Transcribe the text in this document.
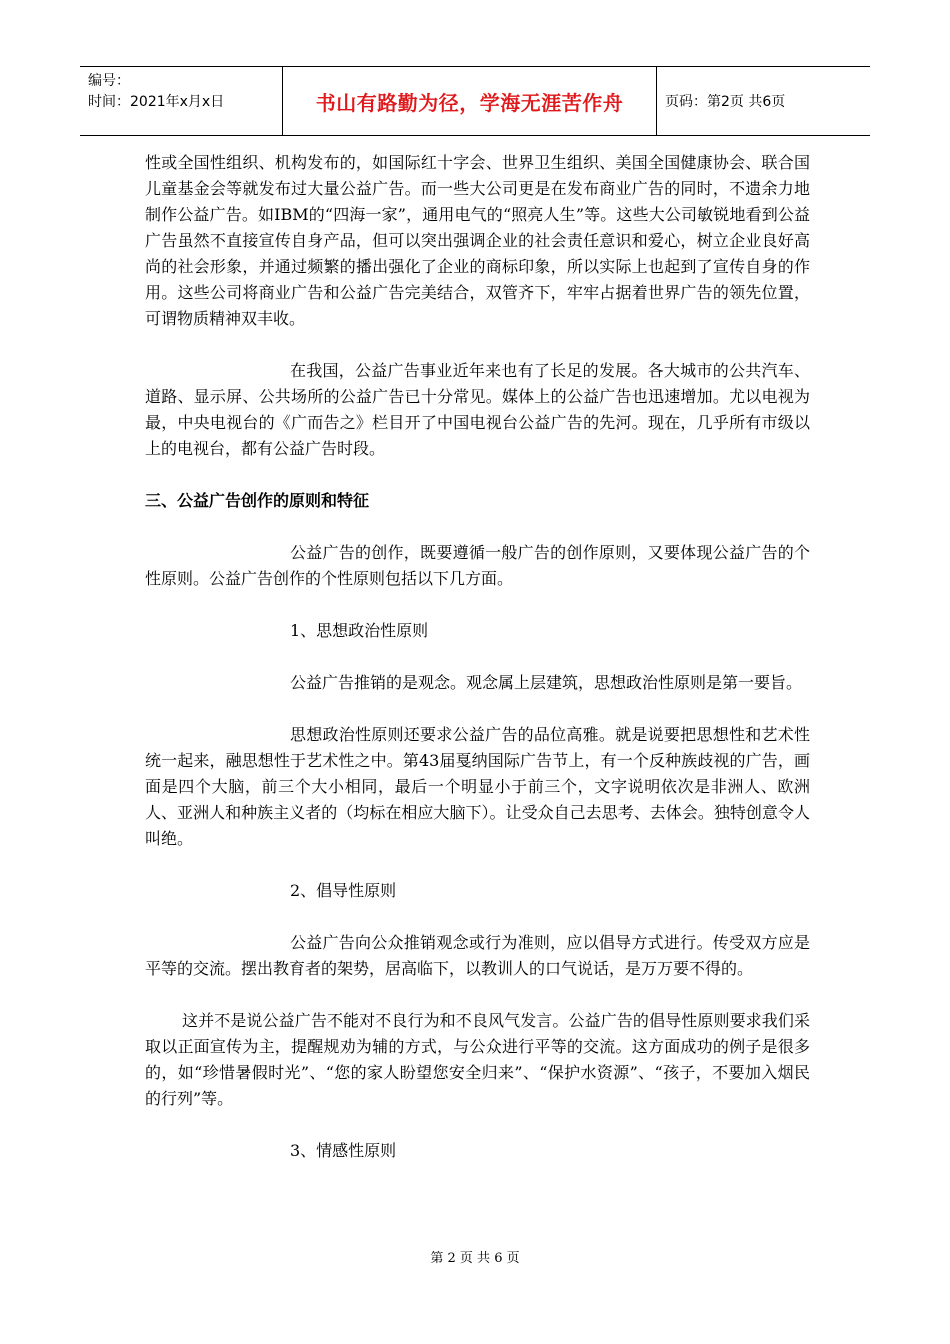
编号：
时间：2021年x月x日	书山有路勤为径，学海无涯苦作舟	页码：第2页 共6页

性或全国性组织、机构发布的，如国际红十字会、世界卫生组织、美国全国健康协会、联合国儿童基金会等就发布过大量公益广告。而一些大公司更是在发布商业广告的同时，不遗余力地制作公益广告。如IBM的“四海一家”，通用电气的“照亮人生”等。这些大公司敏锐地看到公益广告虽然不直接宣传自身产品，但可以突出强调企业的社会责任意识和爱心，树立企业良好高尚的社会形象，并通过频繁的播出强化了企业的商标印象，所以实际上也起到了宣传自身的作用。这些公司将商业广告和公益广告完美结合，双管齐下，牢牢占据着世界广告的领先位置，可谓物质精神双丰收。

在我国，公益广告事业近年来也有了长足的发展。各大城市的公共汽车、道路、显示屏、公共场所的公益广告已十分常见。媒体上的公益广告也迅速增加。尤以电视为最，中央电视台的《广而告之》栏目开了中国电视台公益广告的先河。现在，几乎所有市级以上的电视台，都有公益广告时段。

三、公益广告创作的原则和特征

公益广告的创作，既要遵循一般广告的创作原则，又要体现公益广告的个性原则。公益广告创作的个性原则包括以下几方面。

1、思想政治性原则

公益广告推销的是观念。观念属上层建筑，思想政治性原则是第一要旨。

思想政治性原则还要求公益广告的品位高雅。就是说要把思想性和艺术性统一起来，融思想性于艺术性之中。第43届戛纳国际广告节上，有一个反种族歧视的广告，画面是四个大脑，前三个大小相同，最后一个明显小于前三个，文字说明依次是非洲人、欧洲人、亚洲人和种族主义者的（均标在相应大脑下）。让受众自己去思考、去体会。独特创意令人叫绝。

2、倡导性原则

公益广告向公众推销观念或行为准则，应以倡导方式进行。传受双方应是平等的交流。摆出教育者的架势，居高临下，以教训人的口气说话，是万万要不得的。

这并不是说公益广告不能对不良行为和不良风气发言。公益广告的倡导性原则要求我们采取以正面宣传为主，提醒规劝为辅的方式，与公众进行平等的交流。这方面成功的例子是很多的，如“珍惜暑假时光”、“您的家人盼望您安全归来”、“保护水资源”、“孩子，不要加入烟民的行列”等。

3、情感性原则

第 2 页 共 6 页
